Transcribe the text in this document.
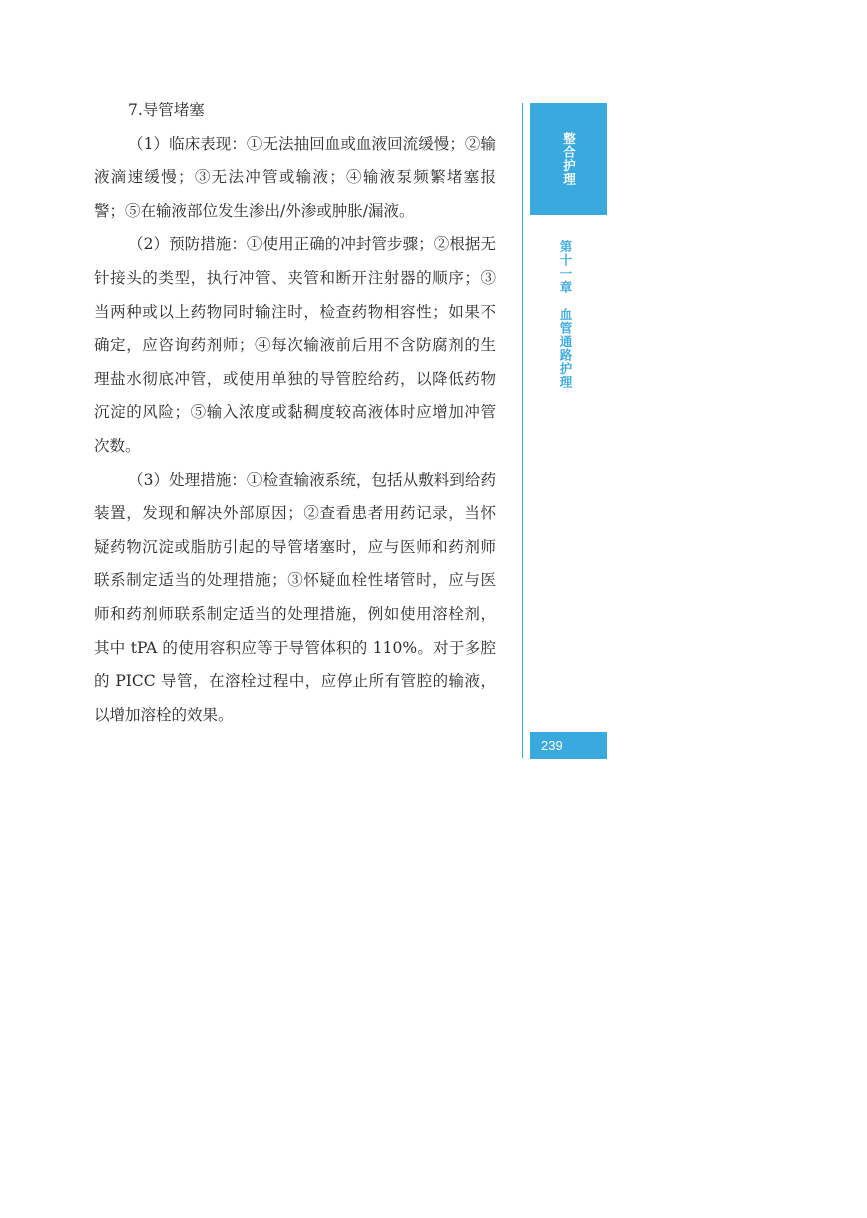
7.导管堵塞

（1）临床表现：①无法抽回血或血液回流缓慢；②输液滴速缓慢；③无法冲管或输液；④输液泵频繁堵塞报警；⑤在输液部位发生渗出/外渗或肿胀/漏液。

（2）预防措施：①使用正确的冲封管步骤；②根据无针接头的类型，执行冲管、夹管和断开注射器的顺序；③当两种或以上药物同时输注时，检查药物相容性；如果不确定，应咨询药剂师；④每次输液前后用不含防腐剂的生理盐水彻底冲管，或使用单独的导管腔给药，以降低药物沉淀的风险；⑤输入浓度或黏稠度较高液体时应增加冲管次数。

（3）处理措施：①检查输液系统，包括从敷料到给药装置，发现和解决外部原因；②查看患者用药记录，当怀疑药物沉淀或脂肪引起的导管堵塞时，应与医师和药剂师联系制定适当的处理措施；③怀疑血栓性堵管时，应与医师和药剂师联系制定适当的处理措施，例如使用溶栓剂，其中 tPA 的使用容积应等于导管体积的 110%。对于多腔的 PICC 导管，在溶栓过程中，应停止所有管腔的输液，以增加溶栓的效果。

整合护理
第十一章血管通路护理
239
